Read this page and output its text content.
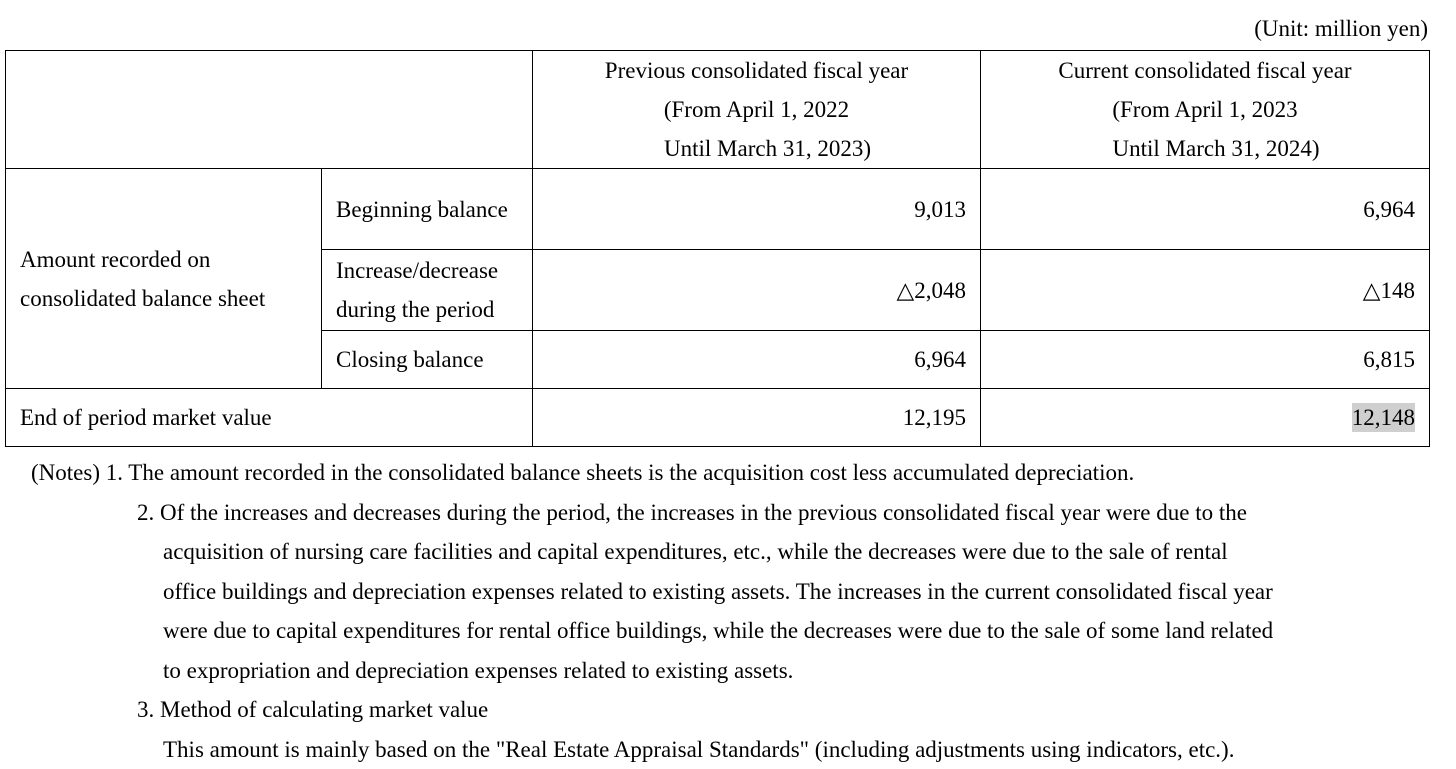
(Unit: million yen)

		Previous consolidated fiscal year
(From April 1, 2022
Until March 31, 2023)	Current consolidated fiscal year
(From April 1, 2023
Until March 31, 2024)

Amount recorded on consolidated balance sheet	Beginning balance	9,013	6,964
	Increase/decrease during the period	△2,048	△148
	Closing balance	6,964	6,815
End of period market value		12,195	12,148

(Notes) 1. The amount recorded in the consolidated balance sheets is the acquisition cost less accumulated depreciation.

2. Of the increases and decreases during the period, the increases in the previous consolidated fiscal year were due to the

acquisition of nursing care facilities and capital expenditures, etc., while the decreases were due to the sale of rental

office buildings and depreciation expenses related to existing assets. The increases in the current consolidated fiscal year

were due to capital expenditures for rental office buildings, while the decreases were due to the sale of some land related

to expropriation and depreciation expenses related to existing assets.

3. Method of calculating market value

This amount is mainly based on the "Real Estate Appraisal Standards" (including adjustments using indicators, etc.).
